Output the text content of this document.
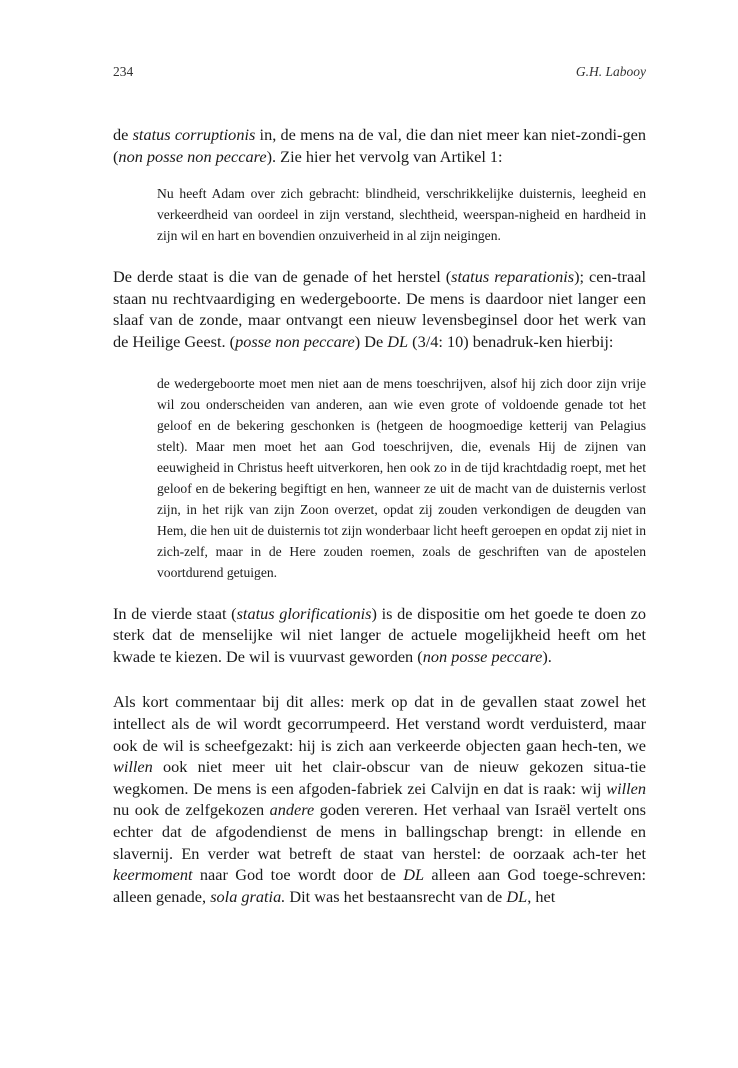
234	G.H. Labooy

de status corruptionis in, de mens na de val, die dan niet meer kan niet-zondi-gen (non posse non peccare). Zie hier het vervolg van Artikel 1:

Nu heeft Adam over zich gebracht: blindheid, verschrikkelijke duisternis, leegheid en verkeerdheid van oordeel in zijn verstand, slechtheid, weerspan-nigheid en hardheid in zijn wil en hart en bovendien onzuiverheid in al zijn neigingen.

De derde staat is die van de genade of het herstel (status reparationis); cen-traal staan nu rechtvaardiging en wedergeboorte. De mens is daardoor niet langer een slaaf van de zonde, maar ontvangt een nieuw levensbeginsel door het werk van de Heilige Geest. (posse non peccare) De DL (3/4: 10) benadruk-ken hierbij:

de wedergeboorte moet men niet aan de mens toeschrijven, alsof hij zich door zijn vrije wil zou onderscheiden van anderen, aan wie even grote of voldoende genade tot het geloof en de bekering geschonken is (hetgeen de hoogmoedige ketterij van Pelagius stelt). Maar men moet het aan God toeschrijven, die, evenals Hij de zijnen van eeuwigheid in Christus heeft uitverkoren, hen ook zo in de tijd krachtdadig roept, met het geloof en de bekering begiftigt en hen, wanneer ze uit de macht van de duisternis verlost zijn, in het rijk van zijn Zoon overzet, opdat zij zouden verkondigen de deugden van Hem, die hen uit de duisternis tot zijn wonderbaar licht heeft geroepen en opdat zij niet in zich-zelf, maar in de Here zouden roemen, zoals de geschriften van de apostelen voortdurend getuigen.

In de vierde staat (status glorificationis) is de dispositie om het goede te doen zo sterk dat de menselijke wil niet langer de actuele mogelijkheid heeft om het kwade te kiezen. De wil is vuurvast geworden (non posse peccare).

Als kort commentaar bij dit alles: merk op dat in de gevallen staat zowel het intellect als de wil wordt gecorrumpeerd. Het verstand wordt verduisterd, maar ook de wil is scheefgezakt: hij is zich aan verkeerde objecten gaan hech-ten, we willen ook niet meer uit het clair-obscur van de nieuw gekozen situa-tie wegkomen. De mens is een afgoden-fabriek zei Calvijn en dat is raak: wij willen nu ook de zelfgekozen andere goden vereren. Het verhaal van Israël vertelt ons echter dat de afgodendienst de mens in ballingschap brengt: in ellende en slavernij. En verder wat betreft de staat van herstel: de oorzaak ach-ter het keermoment naar God toe wordt door de DL alleen aan God toege-schreven: alleen genade, sola gratia. Dit was het bestaansrecht van de DL, het
